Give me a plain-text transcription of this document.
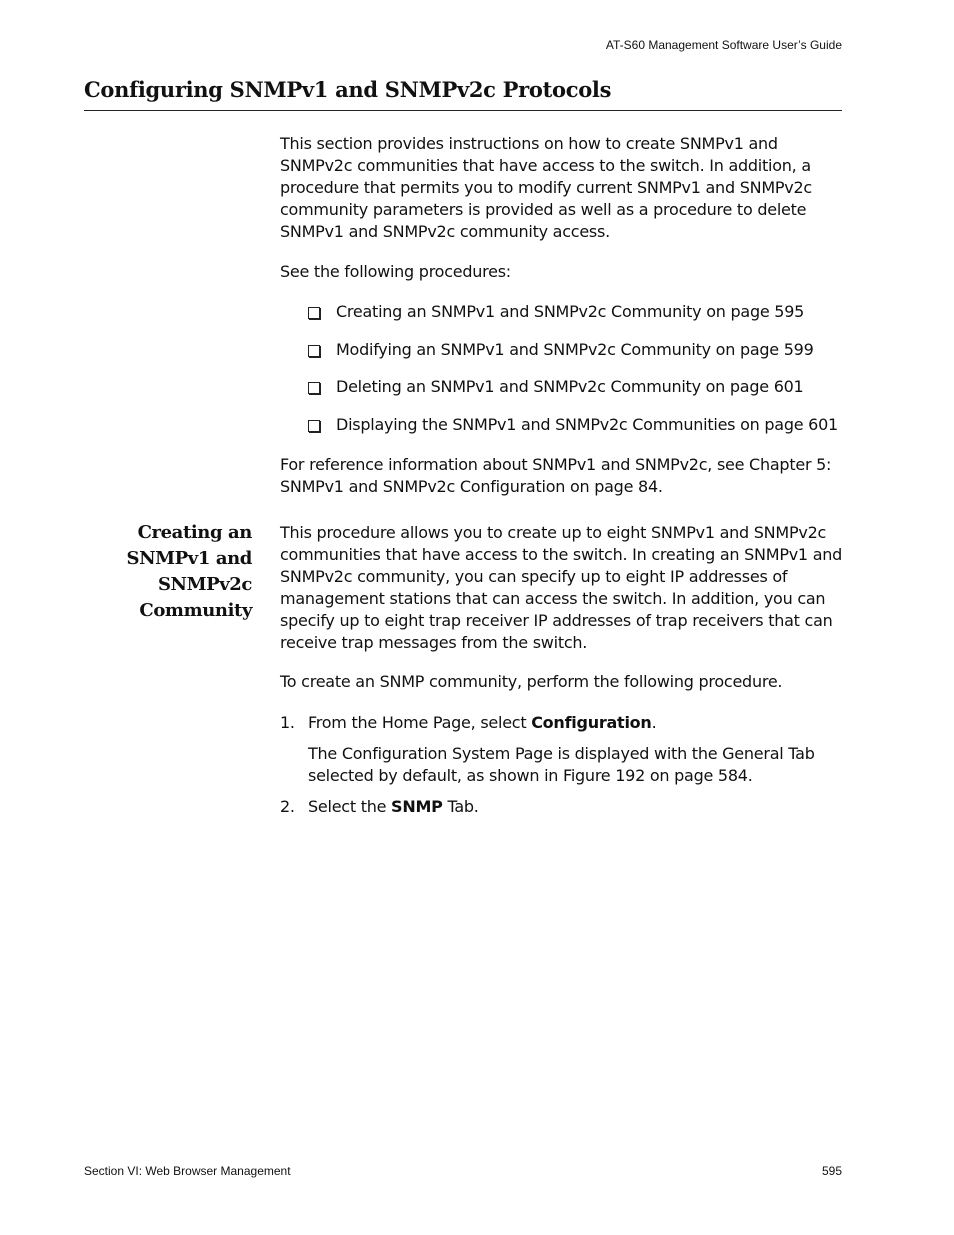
AT-S60 Management Software User’s Guide
Configuring SNMPv1 and SNMPv2c Protocols

This section provides instructions on how to create SNMPv1 and SNMPv2c communities that have access to the switch. In addition, a procedure that permits you to modify current SNMPv1 and SNMPv2c community parameters is provided as well as a procedure to delete SNMPv1 and SNMPv2c community access.

See the following procedures:

Creating an SNMPv1 and SNMPv2c Community on page 595
Modifying an SNMPv1 and SNMPv2c Community on page 599
Deleting an SNMPv1 and SNMPv2c Community on page 601
Displaying the SNMPv1 and SNMPv2c Communities on page 601

For reference information about SNMPv1 and SNMPv2c, see Chapter 5: SNMPv1 and SNMPv2c Configuration on page 84.

Creating an
SNMPv1 and
SNMPv2c
Community

This procedure allows you to create up to eight SNMPv1 and SNMPv2c communities that have access to the switch. In creating an SNMPv1 and SNMPv2c community, you can specify up to eight IP addresses of management stations that can access the switch. In addition, you can specify up to eight trap receiver IP addresses of trap receivers that can receive trap messages from the switch.

To create an SNMP community, perform the following procedure.

1. From the Home Page, select Configuration.

The Configuration System Page is displayed with the General Tab selected by default, as shown in Figure 192 on page 584.

2. Select the SNMP Tab.
Section VI: Web Browser Management	595
